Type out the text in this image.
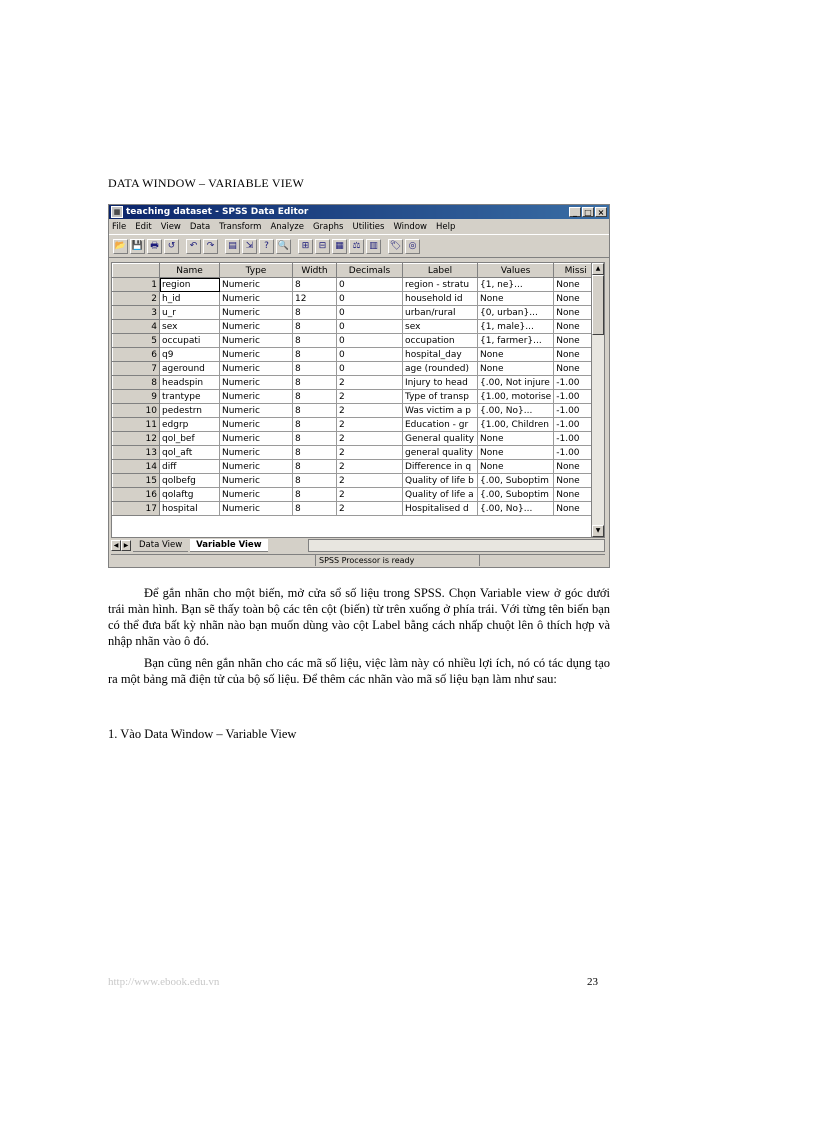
DATA WINDOW – VARIABLE VIEW
▦ teaching dataset - SPSS Data Editor	_ □ ×
File Edit View Data Transform Analyze Graphs Utilities Window Help
📂 💾 🖶 ↺	↶	↷	▤ ⇲	?	🔍	⊞	⊟ ▦ ⚖ ▥	🏷 ◎
	Name	Type	Width	Decimals	Label	Values	Missi
1	region	Numeric	8	0	region - stratu	{1, ne}...	None
2	h_id	Numeric	12	0	household id	None	None
3	u_r	Numeric	8	0	urban/rural	{0, urban}...	None
4	sex	Numeric	8	0	sex	{1, male}...	None
5	occupati	Numeric	8	0	occupation	{1, farmer}...	None
6	q9	Numeric	8	0	hospital_day	None	None
7	ageround	Numeric	8	0	age (rounded)	None	None
8	headspin	Numeric	8	2	Injury to head	{.00, Not injure	-1.00
9	trantype	Numeric	8	2	Type of transp	{1.00, motorise	-1.00
10	pedestrn	Numeric	8	2	Was victim a p	{.00, No}...	-1.00
11	edgrp	Numeric	8	2	Education - gr	{1.00, Children	-1.00
12	qol_bef	Numeric	8	2	General quality	None	-1.00
13	qol_aft	Numeric	8	2	general quality	None	-1.00
14	diff	Numeric	8	2	Difference in q	None	None
15	qolbefg	Numeric	8	2	Quality of life b	{.00, Suboptim	None
16	qolaftg	Numeric	8	2	Quality of life a	{.00, Suboptim	None
17	hospital	Numeric	8	2	Hospitalised d	{.00, No}...	None
▲
▼
◀ ▶	Data View	Variable View
SPSS Processor is ready
Để gắn nhãn cho một biến, mở cửa sổ số liệu trong SPSS. Chọn Variable view ở góc dưới trái màn hình. Bạn sẽ thấy toàn bộ các tên cột (biến) từ trên xuống ở phía trái. Với từng tên biến bạn có thể đưa bất kỳ nhãn nào bạn muốn dùng vào cột Label bằng cách nhấp chuột lên ô thích hợp và nhập nhãn vào ô đó.
Bạn cũng nên gắn nhãn cho các mã số liệu, việc làm này có nhiều lợi ích, nó có tác dụng tạo ra một bảng mã điện tử của bộ số liệu. Để thêm các nhãn vào mã số liệu bạn làm như sau:
1. Vào Data Window – Variable View
http://www.ebook.edu.vn	23
